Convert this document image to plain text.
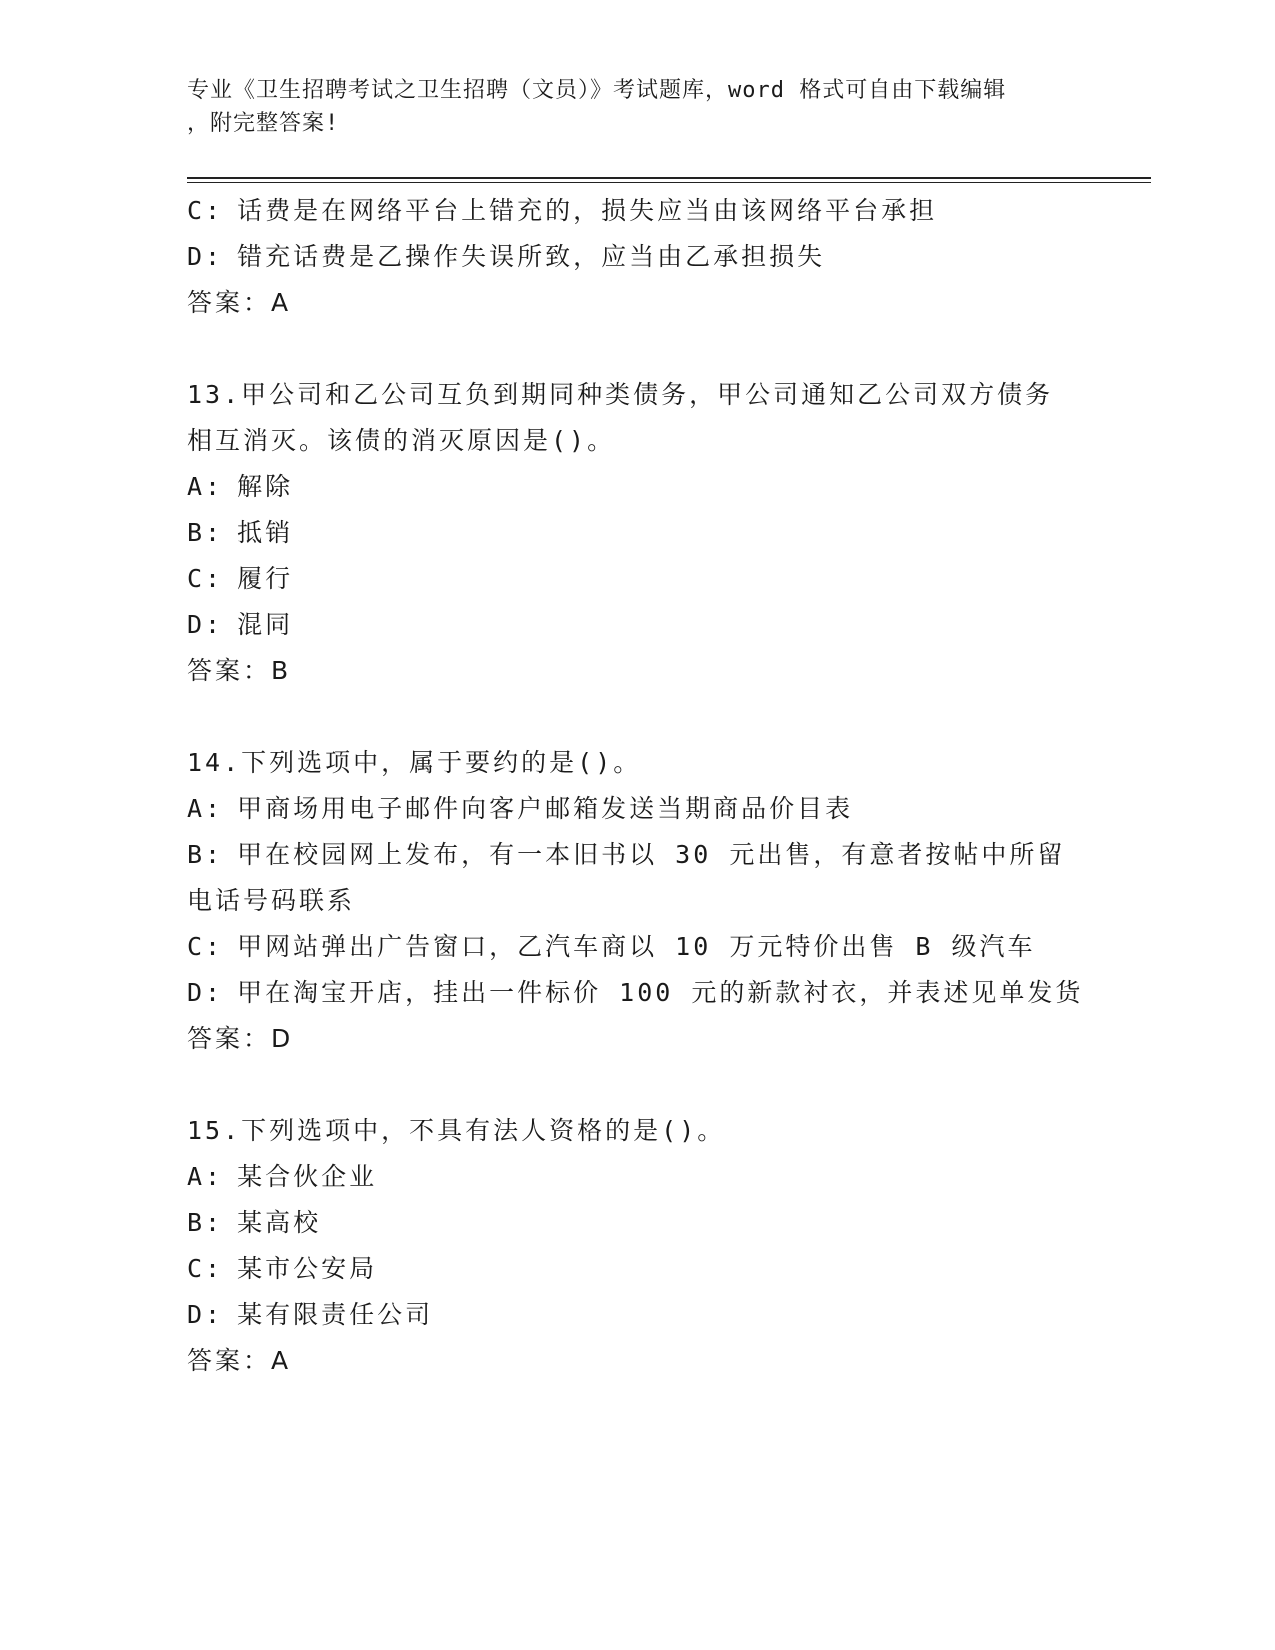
专业《卫生招聘考试之卫生招聘（文员）》考试题库，word 格式可自由下载编辑
，附完整答案!
C: 话费是在网络平台上错充的，损失应当由该网络平台承担
D: 错充话费是乙操作失误所致，应当由乙承担损失
答案：A
13.甲公司和乙公司互负到期同种类债务，甲公司通知乙公司双方债务
相互消灭。该债的消灭原因是()。
A: 解除
B: 抵销
C: 履行
D: 混同
答案：B
14.下列选项中，属于要约的是()。
A: 甲商场用电子邮件向客户邮箱发送当期商品价目表
B: 甲在校园网上发布，有一本旧书以 30 元出售，有意者按帖中所留
电话号码联系
C: 甲网站弹出广告窗口，乙汽车商以 10 万元特价出售 B 级汽车
D: 甲在淘宝开店，挂出一件标价 100 元的新款衬衣，并表述见单发货
答案：D
15.下列选项中，不具有法人资格的是()。
A: 某合伙企业
B: 某高校
C: 某市公安局
D: 某有限责任公司
答案：A
